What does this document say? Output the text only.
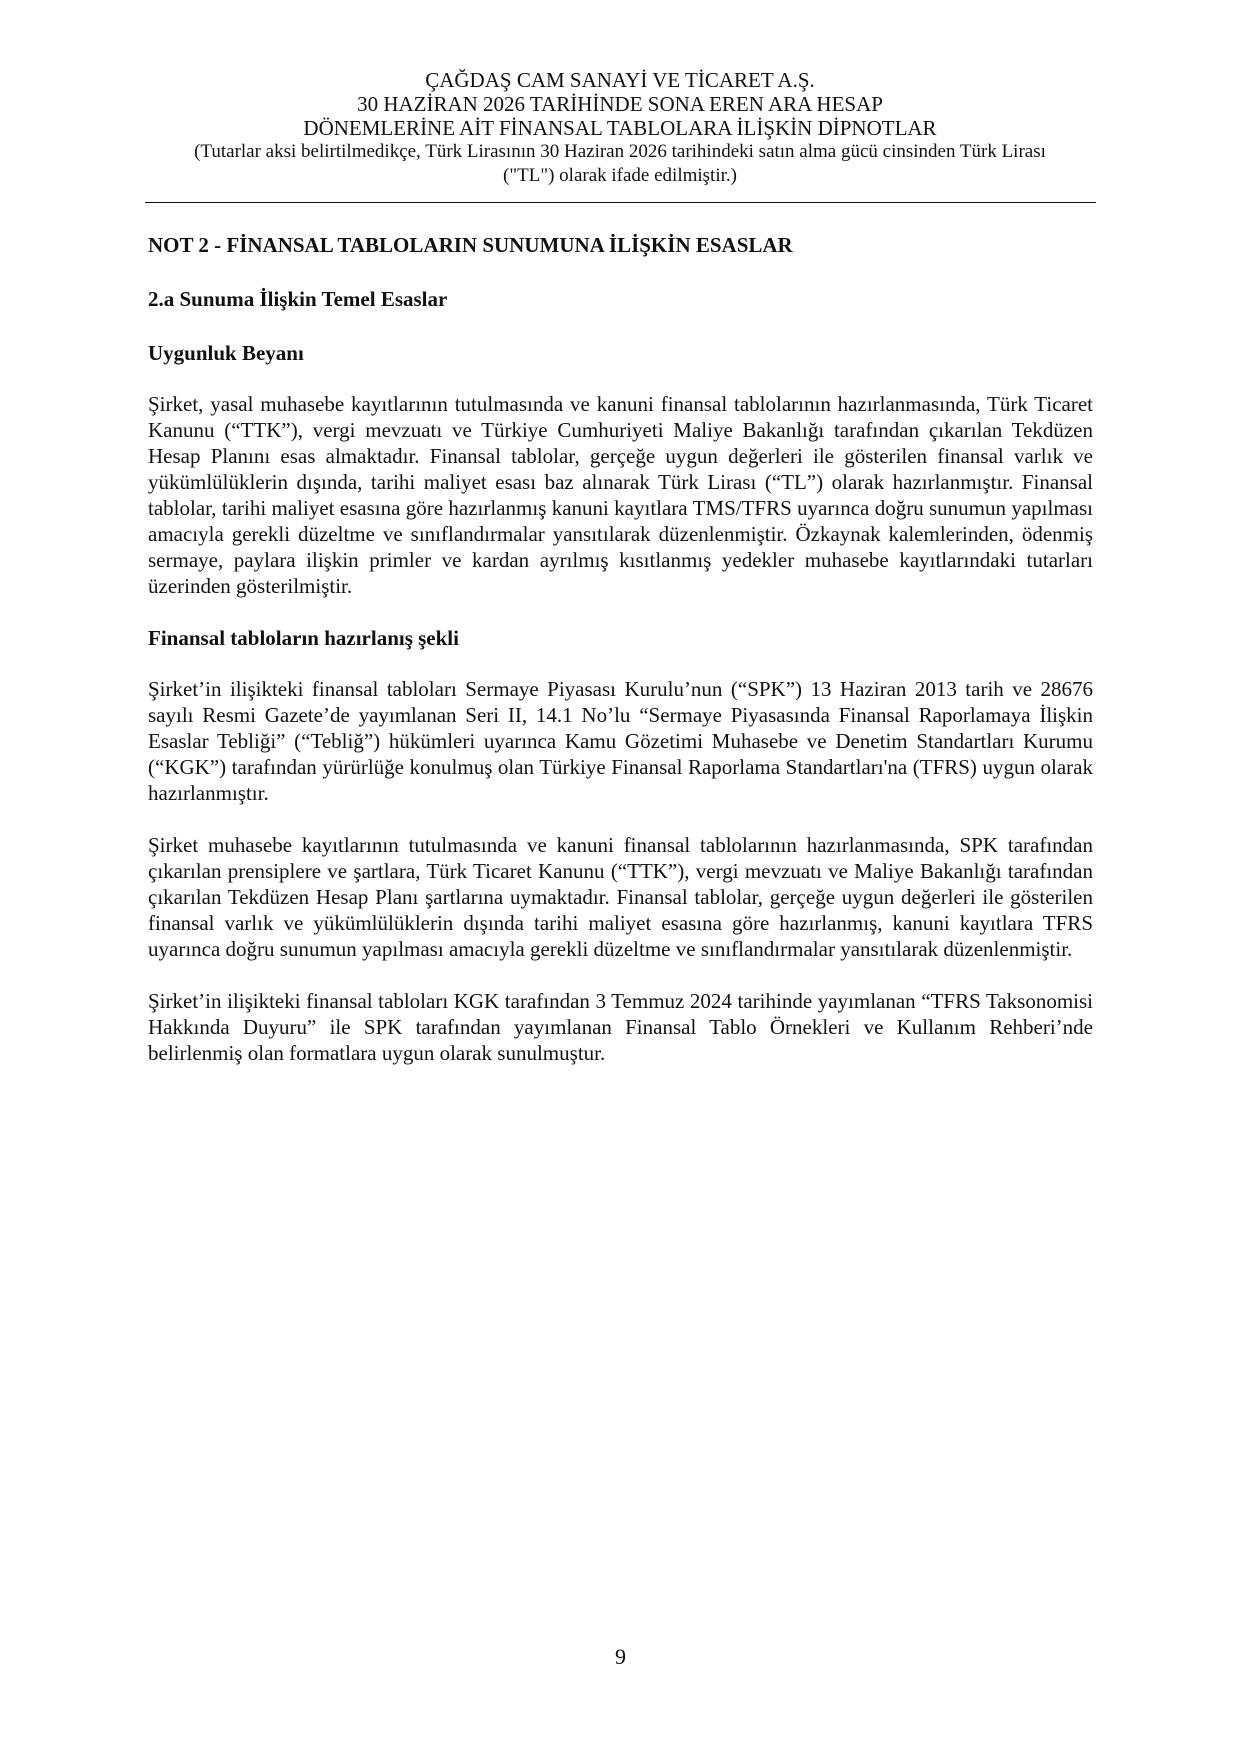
ÇAĞDAŞ CAM SANAYİ VE TİCARET A.Ş.
30 HAZİRAN 2026 TARİHİNDE SONA EREN ARA HESAP
DÖNEMLERİNE AİT FİNANSAL TABLOLARA İLİŞKİN DİPNOTLAR
(Tutarlar aksi belirtilmedikçe, Türk Lirasının 30 Haziran 2026 tarihindeki satın alma gücü cinsinden Türk Lirası
("TL") olarak ifade edilmiştir.)
NOT 2 - FİNANSAL TABLOLARIN SUNUMUNA İLİŞKİN ESASLAR
2.a Sunuma İlişkin Temel Esaslar
Uygunluk Beyanı

Şirket, yasal muhasebe kayıtlarının tutulmasında ve kanuni finansal tablolarının hazırlanmasında, Türk Ticaret Kanunu (“TTK”), vergi mevzuatı ve Türkiye Cumhuriyeti Maliye Bakanlığı tarafından çıkarılan Tekdüzen Hesap Planını esas almaktadır. Finansal tablolar, gerçeğe uygun değerleri ile gösterilen finansal varlık ve yükümlülüklerin dışında, tarihi maliyet esası baz alınarak Türk Lirası (“TL”) olarak hazırlanmıştır. Finansal tablolar, tarihi maliyet esasına göre hazırlanmış kanuni kayıtlara TMS/TFRS uyarınca doğru sunumun yapılması amacıyla gerekli düzeltme ve sınıflandırmalar yansıtılarak düzenlenmiştir. Özkaynak kalemlerinden, ödenmiş sermaye, paylara ilişkin primler ve kardan ayrılmış kısıtlanmış yedekler muhasebe kayıtlarındaki tutarları üzerinden gösterilmiştir.

Finansal tabloların hazırlanış şekli

Şirket’in ilişikteki finansal tabloları Sermaye Piyasası Kurulu’nun (“SPK”) 13 Haziran 2013 tarih ve 28676 sayılı Resmi Gazete’de yayımlanan Seri II, 14.1 No’lu “Sermaye Piyasasında Finansal Raporlamaya İlişkin Esaslar Tebliği” (“Tebliğ”) hükümleri uyarınca Kamu Gözetimi Muhasebe ve Denetim Standartları Kurumu (“KGK”) tarafından yürürlüğe konulmuş olan Türkiye Finansal Raporlama Standartları'na (TFRS) uygun olarak hazırlanmıştır.

Şirket muhasebe kayıtlarının tutulmasında ve kanuni finansal tablolarının hazırlanmasında, SPK tarafından çıkarılan prensiplere ve şartlara, Türk Ticaret Kanunu (“TTK”), vergi mevzuatı ve Maliye Bakanlığı tarafından çıkarılan Tekdüzen Hesap Planı şartlarına uymaktadır. Finansal tablolar, gerçeğe uygun değerleri ile gösterilen finansal varlık ve yükümlülüklerin dışında tarihi maliyet esasına göre hazırlanmış, kanuni kayıtlara TFRS uyarınca doğru sunumun yapılması amacıyla gerekli düzeltme ve sınıflandırmalar yansıtılarak düzenlenmiştir.

Şirket’in ilişikteki finansal tabloları KGK tarafından 3 Temmuz 2024 tarihinde yayımlanan “TFRS Taksonomisi Hakkında Duyuru” ile SPK tarafından yayımlanan Finansal Tablo Örnekleri ve Kullanım Rehberi’nde belirlenmiş olan formatlara uygun olarak sunulmuştur.

9
